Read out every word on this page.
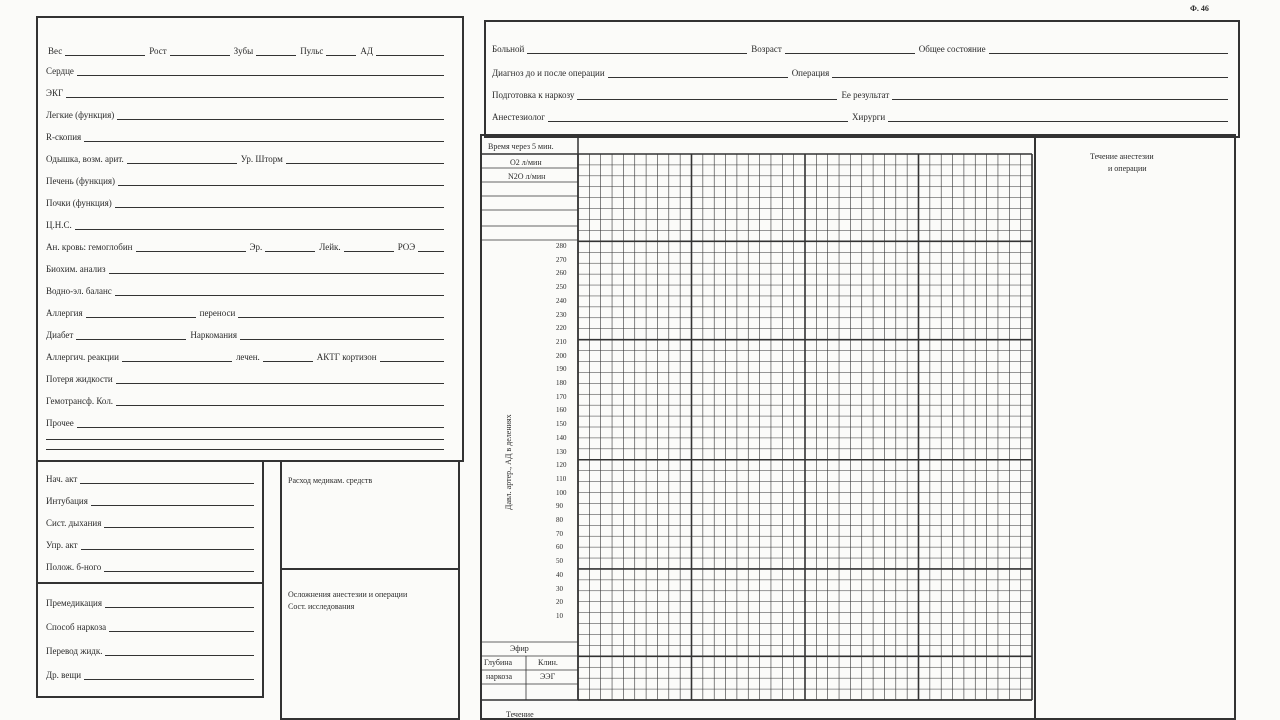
Ф. 46
Вес	Рост	Зубы	Пульс	АД
Сердце
ЭКГ
Легкие (функция)
R-скопия
Одышка, возм. арит.	Ур. Шторм
Печень (функция)
Почки (функция)
Ц.Н.С.
Ан. кровь: гемоглобин	Эр.	Лейк.	РОЭ
Биохим. анализ
Водно-эл. баланс
Аллергия	переноси
Диабет	Наркомания
Аллергич. реакции	лечен.	АКТГ кортизон
Потеря жидкости
Гемотрансф. Кол.
Прочее
Нач. акт
Интубация
Сист. дыхания
Упр. акт
Полож. б-ного
Премедикация
Способ наркоза
Перевод жидк.
Др. вещи
Расход медикам. средств
Осложнения анестезии и операции
Сост. исследования
Больной	Возраст	Общее состояние
Диагноз до и после операции	Операция
Подготовка к наркозу	Ее результат
Анестезиолог	Хирурги
Течение анестезии
и операции
Время через 5 мин.
О2 л/мин
N2O л/мин
Давл. артер., АД в делениях
280
270
260
250
240
230
220
210
200
190
180
170
160
150
140
130
120
110
100
90
80
70
60
50
40
30
20
10
Эфир
Глубина	Клин.
наркоза	ЭЭГ
Течение
